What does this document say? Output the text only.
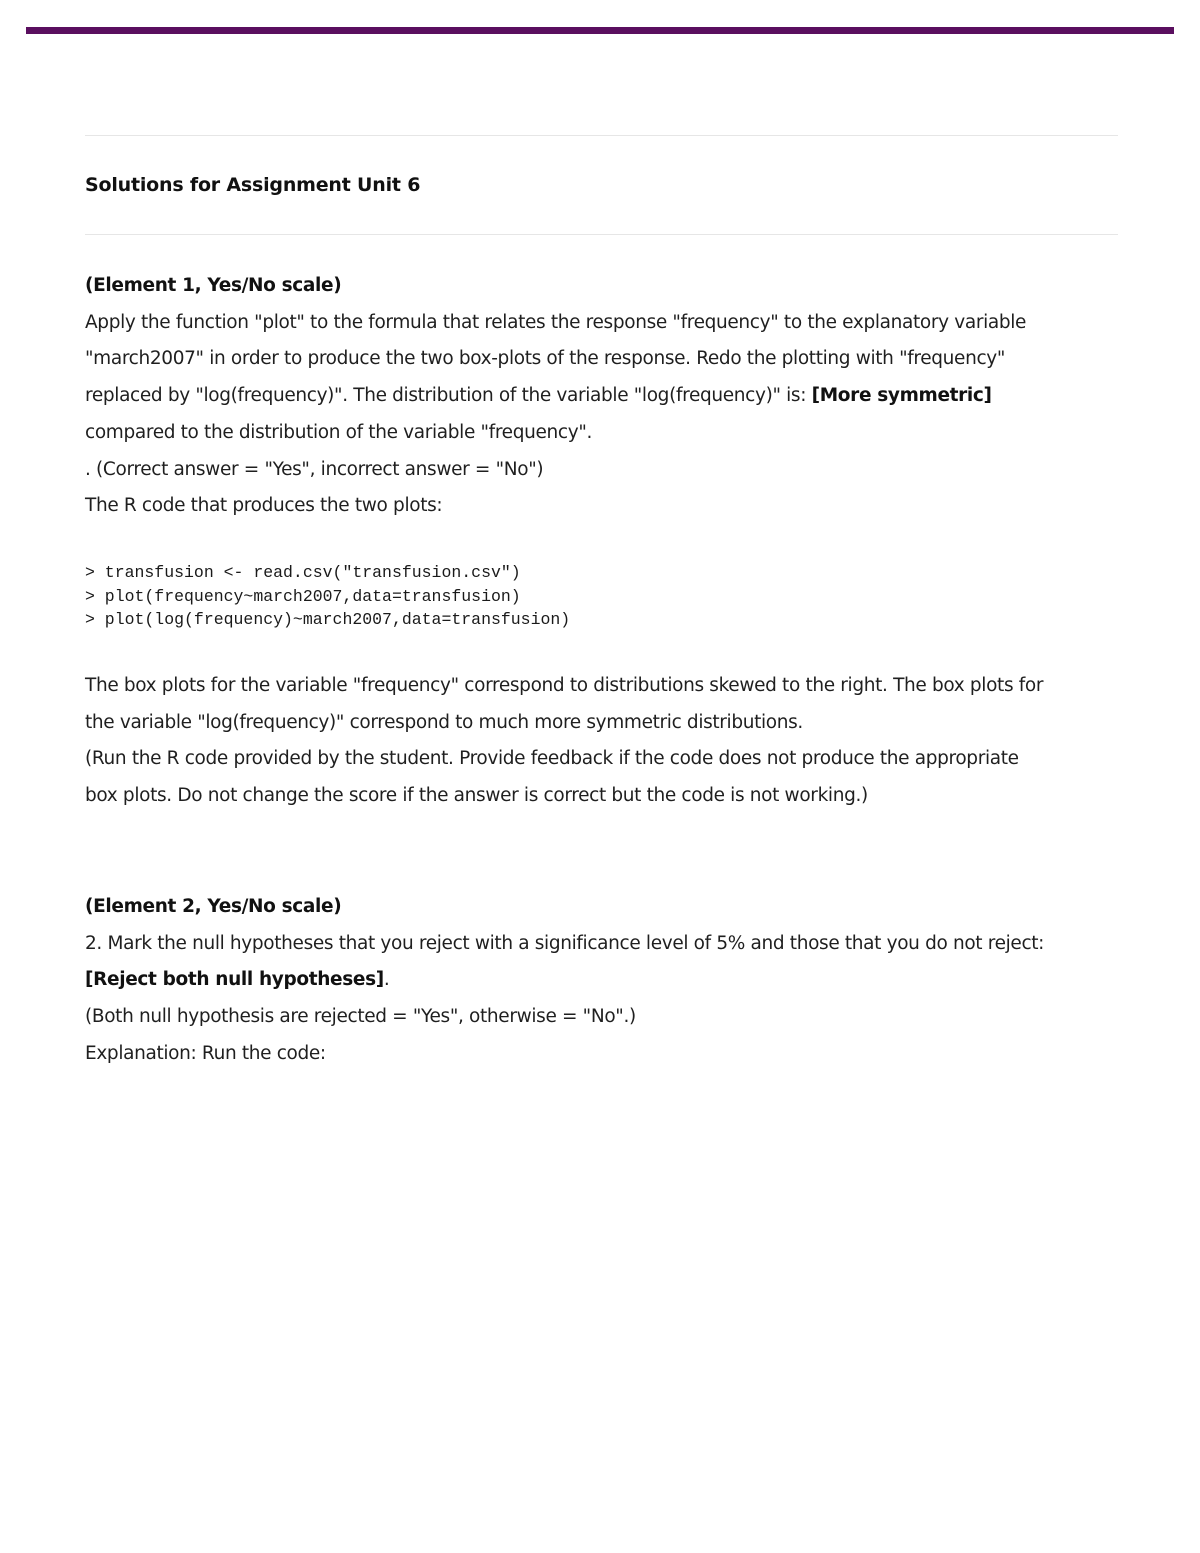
Solutions for Assignment Unit 6

(Element 1, Yes/No scale)

Apply the function "plot" to the formula that relates the response "frequency" to the explanatory variable

"march2007" in order to produce the two box-plots of the response. Redo the plotting with "frequency"

replaced by "log(frequency)". The distribution of the variable "log(frequency)" is: [More symmetric]

compared to the distribution of the variable "frequency".

. (Correct answer = "Yes", incorrect answer = "No")

The R code that produces the two plots:

> transfusion <- read.csv("transfusion.csv")

> plot(frequency~march2007,data=transfusion)

> plot(log(frequency)~march2007,data=transfusion)

The box plots for the variable "frequency" correspond to distributions skewed to the right. The box plots for

the variable "log(frequency)" correspond to much more symmetric distributions.

(Run the R code provided by the student. Provide feedback if the code does not produce the appropriate

box plots. Do not change the score if the answer is correct but the code is not working.)

(Element 2, Yes/No scale)

2. Mark the null hypotheses that you reject with a significance level of 5% and those that you do not reject:

[Reject both null hypotheses].

(Both null hypothesis are rejected = "Yes", otherwise = "No".)

Explanation: Run the code:
